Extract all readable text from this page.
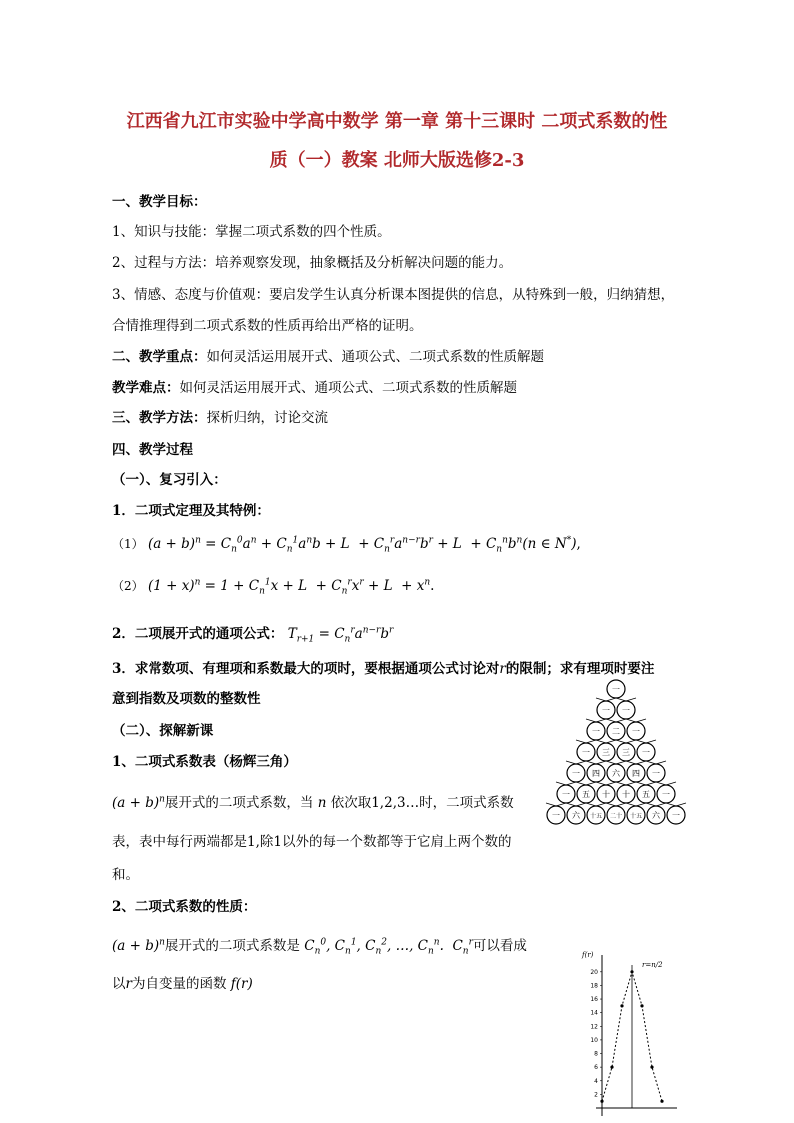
江西省九江市实验中学高中数学 第一章 第十三课时 二项式系数的性
质（一）教案 北师大版选修2-3
一、教学目标：
1、知识与技能：掌握二项式系数的四个性质。
2、过程与方法：培养观察发现，抽象概括及分析解决问题的能力。
3、情感、态度与价值观：要启发学生认真分析课本图提供的信息，从特殊到一般，归纳猜想，
合情推理得到二项式系数的性质再给出严格的证明。
二、教学重点：如何灵活运用展开式、通项公式、二项式系数的性质解题
教学难点：如何灵活运用展开式、通项公式、二项式系数的性质解题
三、教学方法：探析归纳，讨论交流
四、教学过程
（一）、复习引入：
1．二项式定理及其特例：
（1） $(a + b)^n = C_n^0a^n + C_n^1a^nb + L + C_n^ra^{n-r}b^r + L + C_n^nb^n(n$ ∈ N*),
（2） $(1 + x)^n = 1 + C_n^1x + L + C_n^rx^r + L + x^n$.
2．二项展开式的通项公式： $T_{r+1} = C_n^ra^{n-r}b^r$
3．求常数项、有理项和系数最大的项时，要根据通项公式讨论对r的限制；求有理项时要注
意到指数及项数的整数性
（二）、探解新课
1、二项式系数表（杨辉三角）
$(a + b)^n$展开式的二项式系数，当 n 依次取1,2,3…时，二项式系数
表，表中每行两端都是1,除1以外的每一个数都等于它肩上两个数的
和。
2、二项式系数的性质：
$(a + b)^n$展开式的二项式系数是 $C_n^0$, $C_n^1$, $C_n^2$, …, $C_n^n$.  $C_n^r$可以看成
以r为自变量的函数 f(r)
一
一 一
一 二 一
一 三 三 一
一 四 六 四 一
一 五 十 十 五 一
一 六 十五 二十 十五 六 一
f(r)
2
4
6
8
10
12
14
16
18
20
r=n/2
